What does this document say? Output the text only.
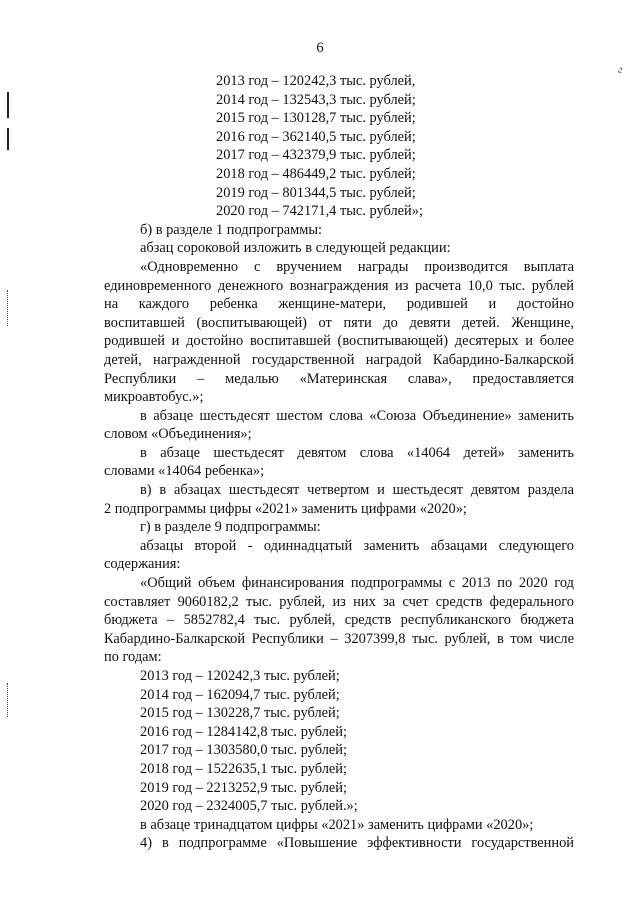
6
г

2013 год – 120242,3 тыс. рублей,

2014 год – 132543,3 тыс. рублей;

2015 год – 130128,7 тыс. рублей;

2016 год – 362140,5 тыс. рублей;

2017 год – 432379,9 тыс. рублей;

2018 год – 486449,2 тыс. рублей;

2019 год – 801344,5 тыс. рублей;

2020 год – 742171,4 тыс. рублей»;

б) в разделе 1 подпрограммы:

абзац сороковой изложить в следующей редакции:

«Одновременно с вручением награды производится выплата

единовременного денежного вознаграждения из расчета 10,0 тыс. рублей

на каждого ребенка женщине-матери, родившей и достойно

воспитавшей (воспитывающей) от пяти до девяти детей. Женщине,

родившей и достойно воспитавшей (воспитывающей) десятерых и более

детей, награжденной государственной наградой Кабардино-Балкарской

Республики – медалью «Материнская слава», предоставляется

микроавтобус.»;

в абзаце шестьдесят шестом слова «Союза Объединение» заменить

словом «Объединения»;

в абзаце шестьдесят девятом слова «14064 детей» заменить

словами «14064 ребенка»;

в) в абзацах шестьдесят четвертом и шестьдесят девятом раздела

2 подпрограммы цифры «2021» заменить цифрами «2020»;

г) в разделе 9 подпрограммы:

абзацы второй - одиннадцатый заменить абзацами следующего

содержания:

«Общий объем финансирования подпрограммы с 2013 по 2020 год

составляет 9060182,2 тыс. рублей, из них за счет средств федерального

бюджета – 5852782,4 тыс. рублей, средств республиканского бюджета

Кабардино-Балкарской Республики – 3207399,8 тыс. рублей, в том числе

по годам:

2013 год – 120242,3 тыс. рублей;

2014 год – 162094,7 тыс. рублей;

2015 год – 130228,7 тыс. рублей;

2016 год – 1284142,8 тыс. рублей;

2017 год – 1303580,0 тыс. рублей;

2018 год – 1522635,1 тыс. рублей;

2019 год – 2213252,9 тыс. рублей;

2020 год – 2324005,7 тыс. рублей.»;

в абзаце тринадцатом цифры «2021» заменить цифрами «2020»;

4) в подпрограмме «Повышение эффективности государственной
